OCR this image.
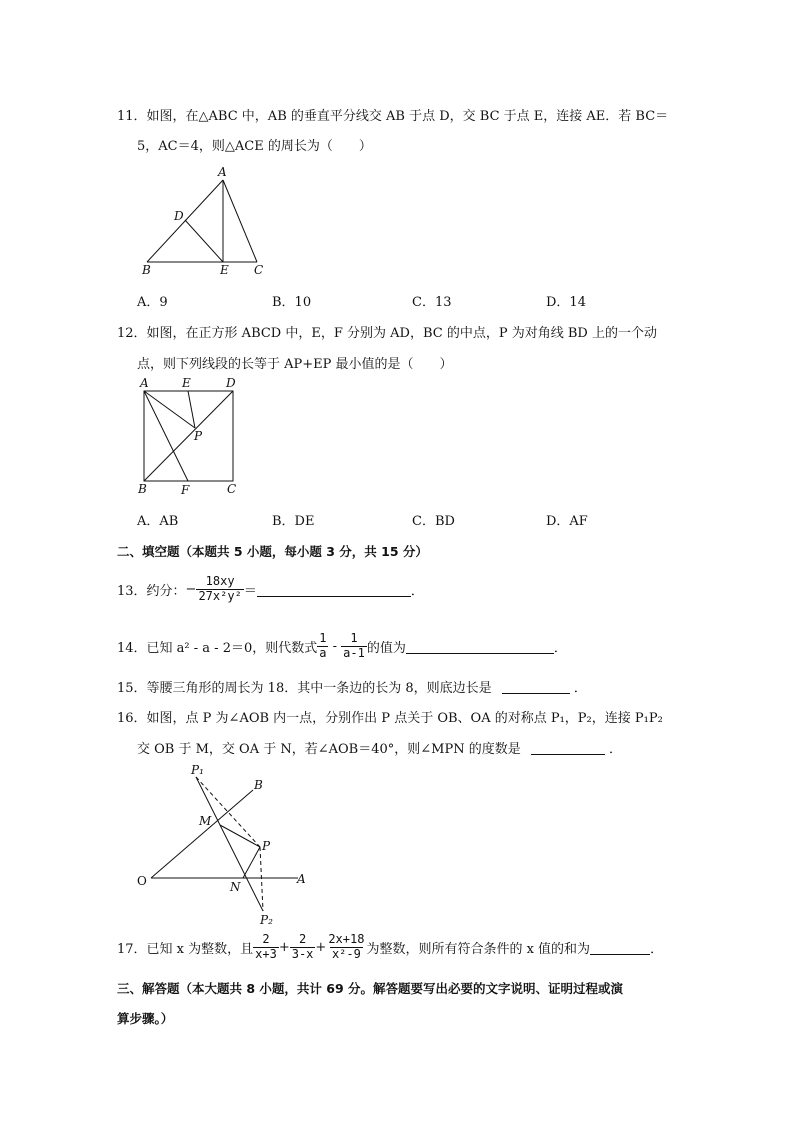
11．如图，在△ABC 中，AB 的垂直平分线交 AB 于点 D，交 BC 于点 E，连接 AE．若 BC＝
5，AC＝4，则△ACE 的周长为（　　）
A
D
B	E C
A．9	B．10	C．13	D．14
12．如图，在正方形 ABCD 中，E，F 分别为 AD，BC 的中点，P 为对角线 BD 上的一个动
点，则下列线段的长等于 AP+EP 最小值的是（　　）
A	E	D
P
B	F	C
A．AB	B．DE	C．BD	D．AF
二、填空题（本题共 5 小题，每小题 3 分，共 15 分）
13．约分： − $\frac{18xy}{\text{27x²y²}}$ ＝	．
14．已知 a² - a - 2＝0，则代数式 $\frac{1}{a} - \frac{1}{a-1}$ 的值为	．
15．等腰三角形的周长为 18．其中一条边的长为 8，则底边长是	．
16．如图，点 P 为∠AOB 内一点，分别作出 P 点关于 OB、OA 的对称点 P₁，P₂，连接 P₁P₂
交 OB 于 M，交 OA 于 N，若∠AOB＝40°，则∠MPN 的度数是	．
P₁
B
M
P
O	N
A
P₂
17．已知 x 为整数，且 $\frac{2}{x+3} + \frac{2}{3-x} + \frac{2x+18}{\text{x²-9}}$ 为整数，则所有符合条件的 x 值的和为	．
三、解答题（本大题共 8 小题，共计 69 分。解答题要写出必要的文字说明、证明过程或演
算步骤。）
